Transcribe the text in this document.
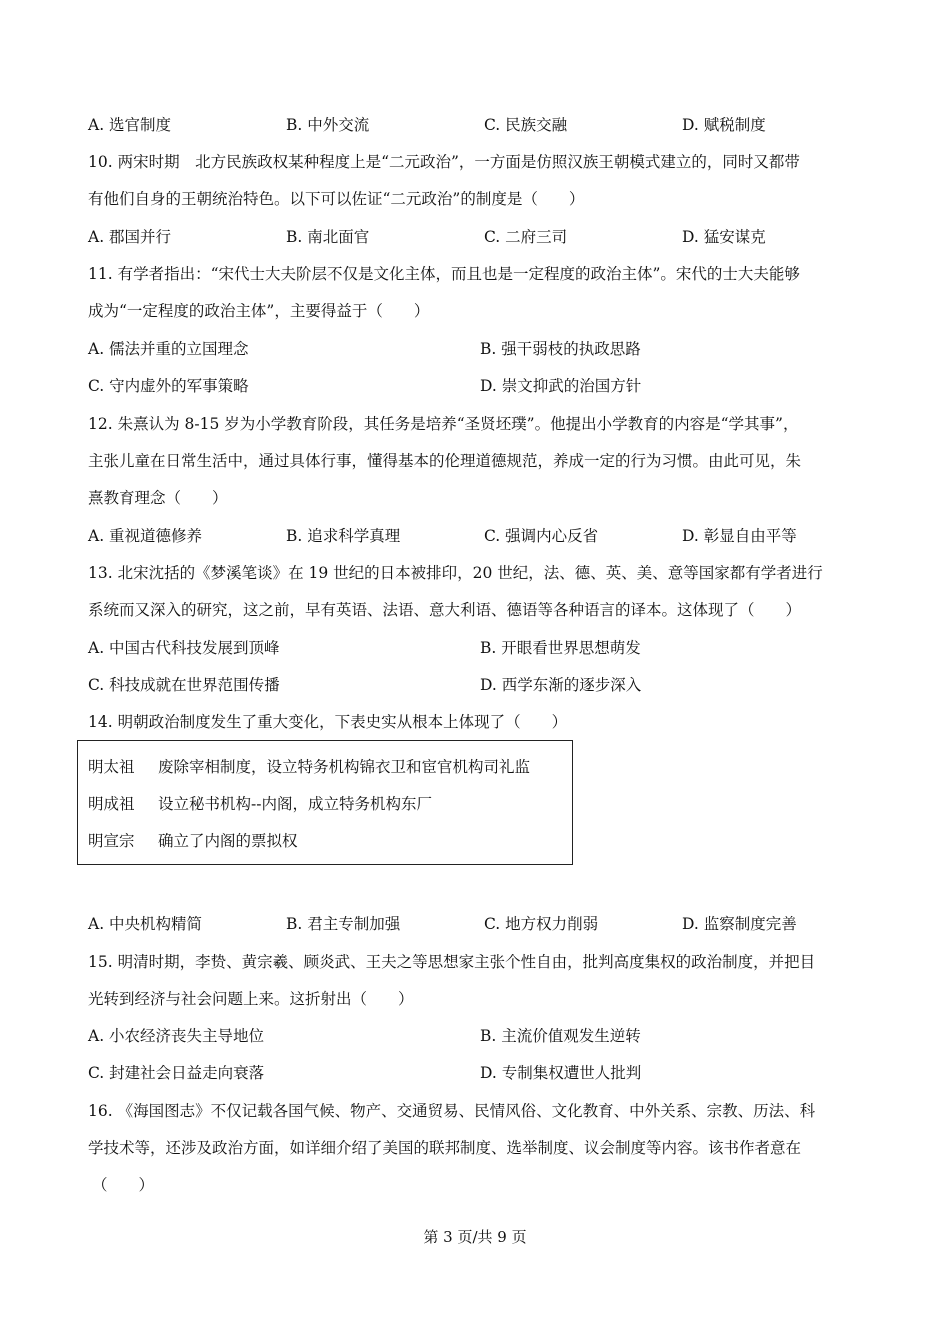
A. 选官制度	B. 中外交流	C. 民族交融	D. 赋税制度
10. 两宋时期　北方民族政权某种程度上是“二元政治”，一方面是仿照汉族王朝模式建立的，同时又都带
有他们自身的王朝统治特色。以下可以佐证“二元政治”的制度是（　　）
A. 郡国并行	B. 南北面官	C. 二府三司	D. 猛安谋克
11. 有学者指出：“宋代士大夫阶层不仅是文化主体，而且也是一定程度的政治主体”。宋代的士大夫能够
成为“一定程度的政治主体”，主要得益于（　　）
A. 儒法并重的立国理念	B. 强干弱枝的执政思路
C. 守内虚外的军事策略	D. 崇文抑武的治国方针
12. 朱熹认为 8-15 岁为小学教育阶段，其任务是培养“圣贤坯璞”。他提出小学教育的内容是“学其事”，
主张儿童在日常生活中，通过具体行事，懂得基本的伦理道德规范，养成一定的行为习惯。由此可见，朱
熹教育理念（　　）
A. 重视道德修养	B. 追求科学真理	C. 强调内心反省	D. 彰显自由平等
13. 北宋沈括的《梦溪笔谈》在 19 世纪的日本被排印，20 世纪，法、德、英、美、意等国家都有学者进行
系统而又深入的研究，这之前，早有英语、法语、意大利语、德语等各种语言的译本。这体现了（　　）
A. 中国古代科技发展到顶峰	B. 开眼看世界思想萌发
C. 科技成就在世界范围传播	D. 西学东渐的逐步深入
14. 明朝政治制度发生了重大变化，下表史实从根本上体现了（　　）
明太祖 废除宰相制度，设立特务机构锦衣卫和宦官机构司礼监
明成祖 设立秘书机构--内阁，成立特务机构东厂
明宣宗 确立了内阁的票拟权
A. 中央机构精简	B. 君主专制加强	C. 地方权力削弱	D. 监察制度完善
15. 明清时期，李贽、黄宗羲、顾炎武、王夫之等思想家主张个性自由，批判高度集权的政治制度，并把目
光转到经济与社会问题上来。这折射出（　　）
A. 小农经济丧失主导地位	B. 主流价值观发生逆转
C. 封建社会日益走向衰落	D. 专制集权遭世人批判
16. 《海国图志》不仅记载各国气候、物产、交通贸易、民情风俗、文化教育、中外关系、宗教、历法、科
学技术等，还涉及政治方面，如详细介绍了美国的联邦制度、选举制度、议会制度等内容。该书作者意在
（　　）
第 3 页/共 9 页
